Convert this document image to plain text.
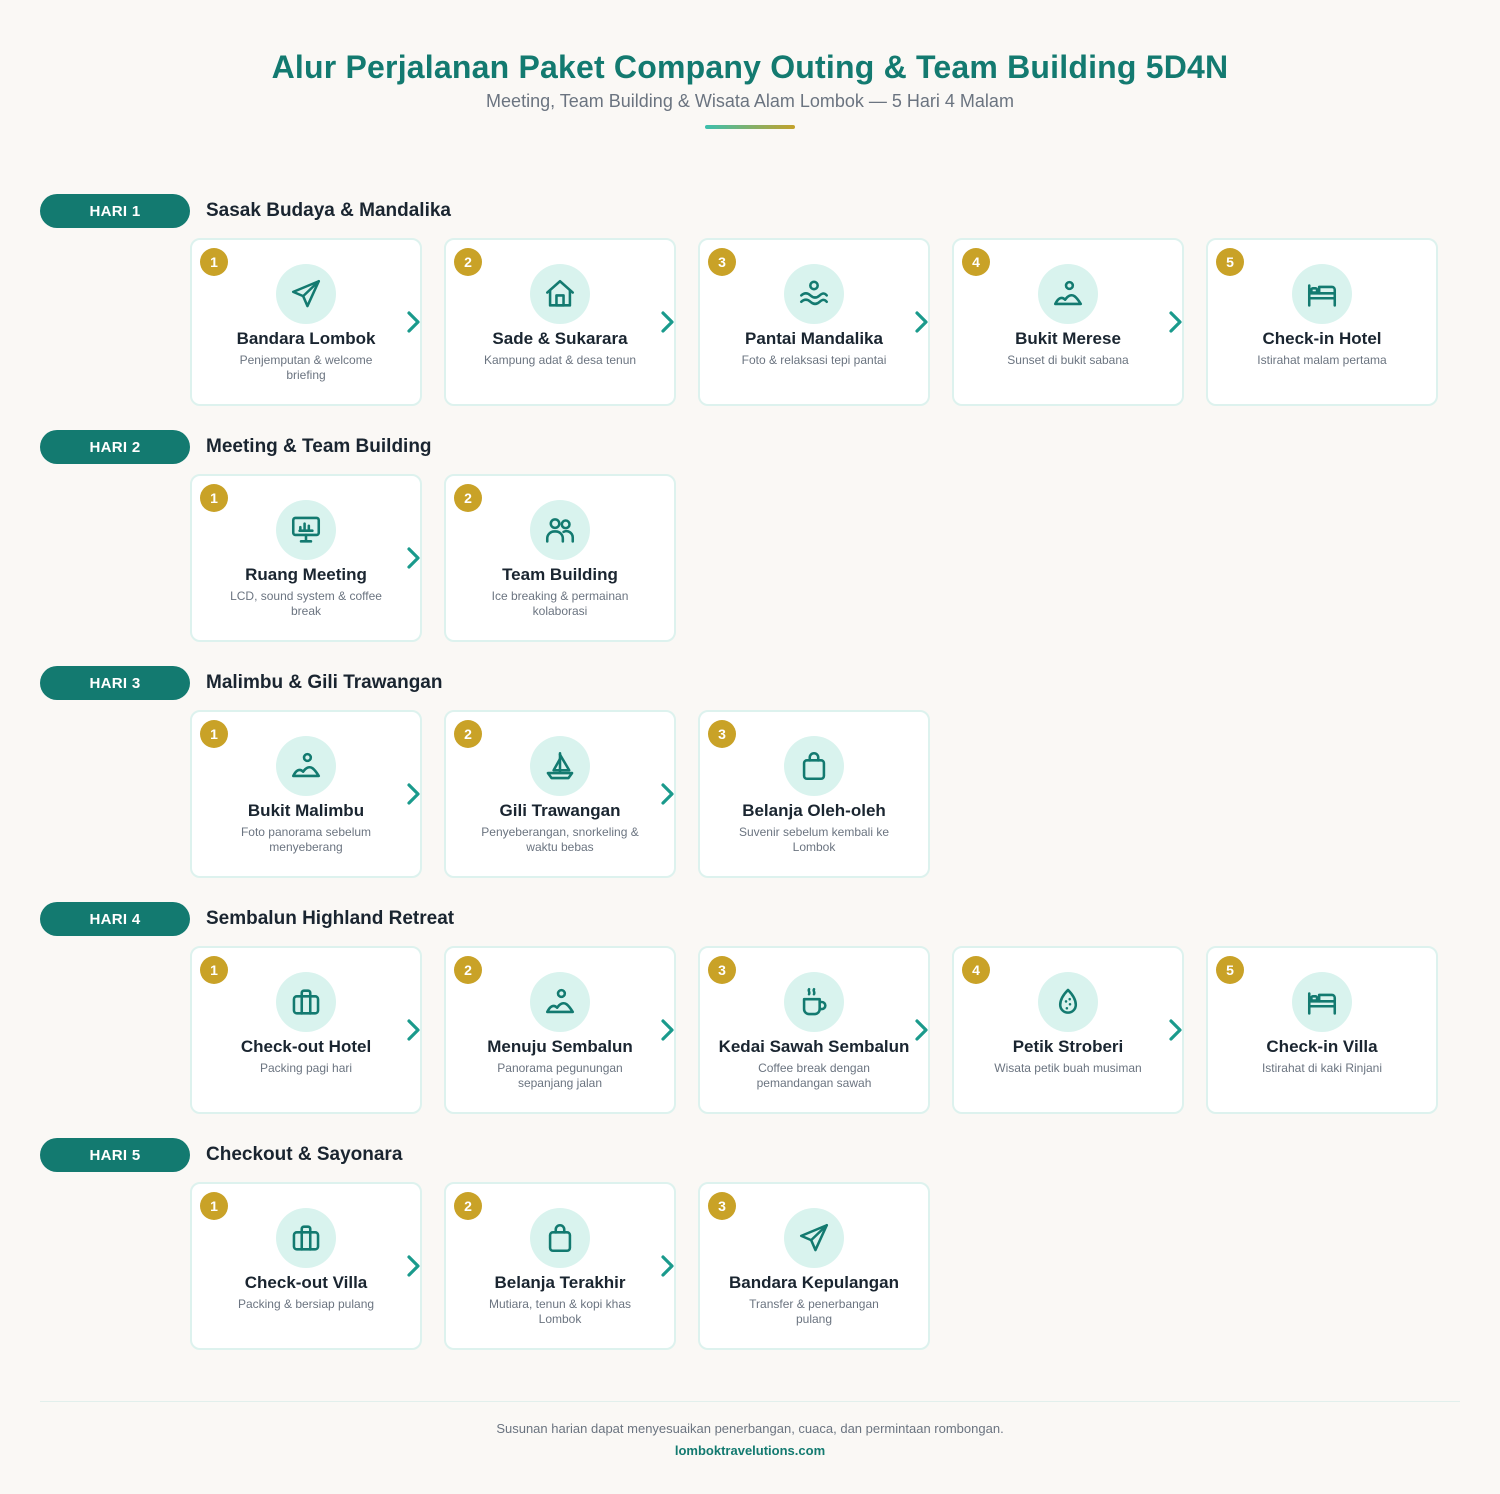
Alur Perjalanan Paket Company Outing & Team Building 5D4N
Meeting, Team Building & Wisata Alam Lombok — 5 Hari 4 Malam
HARI 1	Sasak Budaya & Mandalika
1
Bandara Lombok
Penjemputan & welcome briefing
2
Sade & Sukarara
Kampung adat & desa tenun
3
Pantai Mandalika
Foto & relaksasi tepi pantai
4
Bukit Merese
Sunset di bukit sabana
5
Check-in Hotel
Istirahat malam pertama
HARI 2	Meeting & Team Building
1
Ruang Meeting
LCD, sound system & coffee break
2
Team Building
Ice breaking & permainan kolaborasi
HARI 3	Malimbu & Gili Trawangan
1
Bukit Malimbu
Foto panorama sebelum menyeberang
2
Gili Trawangan
Penyeberangan, snorkeling & waktu bebas
3
Belanja Oleh-oleh
Suvenir sebelum kembali ke Lombok
HARI 4	Sembalun Highland Retreat
1
Check-out Hotel
Packing pagi hari
2
Menuju Sembalun
Panorama pegunungan sepanjang jalan
3
Kedai Sawah Sembalun
Coffee break dengan pemandangan sawah
4
Petik Stroberi
Wisata petik buah musiman
5
Check-in Villa
Istirahat di kaki Rinjani
HARI 5	Checkout & Sayonara
1
Check-out Villa
Packing & bersiap pulang
2
Belanja Terakhir
Mutiara, tenun & kopi khas Lombok
3
Bandara Kepulangan
Transfer & penerbangan pulang
Susunan harian dapat menyesuaikan penerbangan, cuaca, dan permintaan rombongan.
lomboktravelutions.com
